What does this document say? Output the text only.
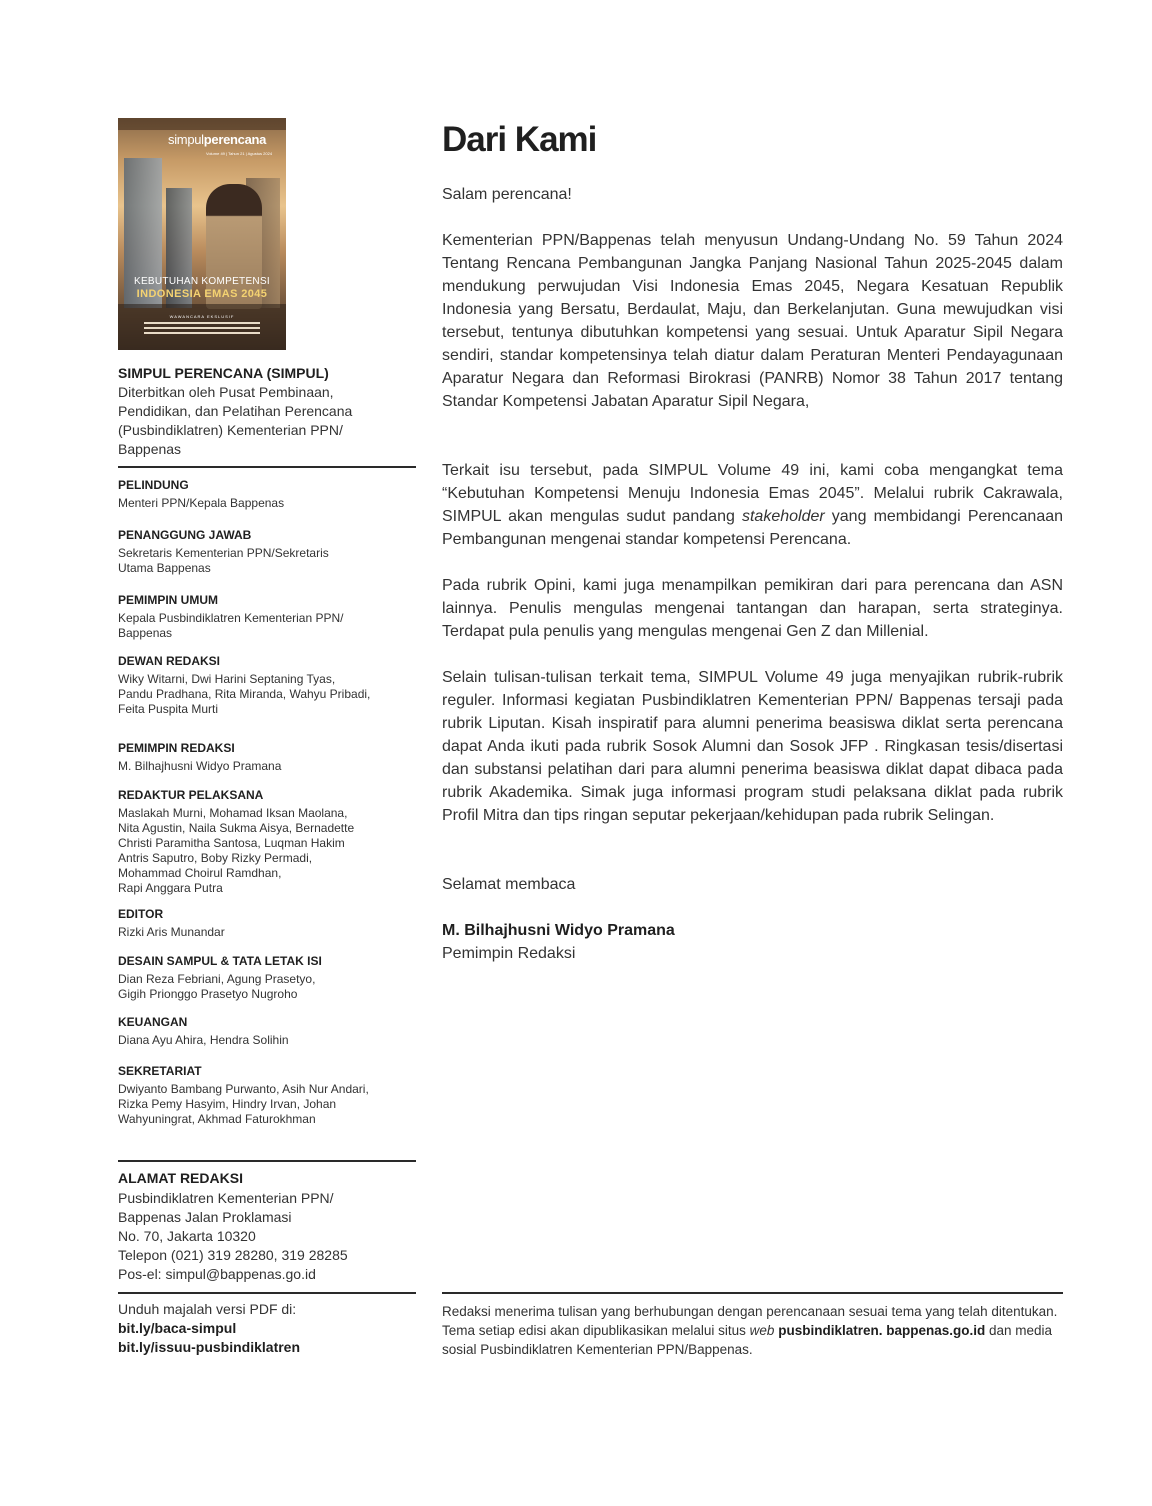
simpulperencana
Volume 49 | Tahun 21 | Agustus 2024
KEBUTUHAN KOMPETENSI
INDONESIA EMAS 2045
WAWANCARA EKSLUSIF
SIMPUL PERENCANA (SIMPUL)
Diterbitkan oleh Pusat Pembinaan, Pendidikan, dan Pelatihan Perencana (Pusbindiklatren) Kementerian PPN/ Bappenas
PELINDUNG
Menteri PPN/Kepala Bappenas
PENANGGUNG JAWAB
Sekretaris Kementerian PPN/Sekretaris
Utama Bappenas
PEMIMPIN UMUM
Kepala Pusbindiklatren Kementerian PPN/
Bappenas
DEWAN REDAKSI
Wiky Witarni, Dwi Harini Septaning Tyas,
Pandu Pradhana, Rita Miranda, Wahyu Pribadi,
Feita Puspita Murti
PEMIMPIN REDAKSI
M. Bilhajhusni Widyo Pramana
REDAKTUR PELAKSANA
Maslakah Murni, Mohamad Iksan Maolana,
Nita Agustin, Naila Sukma Aisya, Bernadette
Christi Paramitha Santosa, Luqman Hakim
Antris Saputro, Boby Rizky Permadi,
Mohammad Choirul Ramdhan,
Rapi Anggara Putra
EDITOR
Rizki Aris Munandar
DESAIN SAMPUL & TATA LETAK ISI
Dian Reza Febriani, Agung Prasetyo,
Gigih Prionggo Prasetyo Nugroho
KEUANGAN
Diana Ayu Ahira, Hendra Solihin
SEKRETARIAT
Dwiyanto Bambang Purwanto, Asih Nur Andari,
Rizka Pemy Hasyim, Hindry Irvan, Johan
Wahyuningrat, Akhmad Faturokhman
ALAMAT REDAKSI
Pusbindiklatren Kementerian PPN/
Bappenas Jalan Proklamasi
No. 70, Jakarta 10320
Telepon (021) 319 28280, 319 28285
Pos-el: simpul@bappenas.go.id
Unduh majalah versi PDF di:
bit.ly/baca-simpul
bit.ly/issuu-pusbindiklatren
Dari Kami

Salam perencana!

Kementerian PPN/Bappenas telah menyusun Undang-Undang No. 59 Tahun 2024 Tentang Rencana Pembangunan Jangka Panjang Nasional Tahun 2025-2045 dalam mendukung perwujudan Visi Indonesia Emas 2045, Negara Kesatuan Republik Indonesia yang Bersatu, Berdaulat, Maju, dan Berkelanjutan. Guna mewujudkan visi tersebut, tentunya dibutuhkan kompetensi yang sesuai. Untuk Aparatur Sipil Negara sendiri, standar kompetensinya telah diatur dalam Peraturan Menteri Pendayagunaan Aparatur Negara dan Reformasi Birokrasi (PANRB) Nomor 38 Tahun 2017 tentang Standar Kompetensi Jabatan Aparatur Sipil Negara,

Terkait isu tersebut, pada SIMPUL Volume 49 ini, kami coba mengangkat tema “Kebutuhan Kompetensi Menuju Indonesia Emas 2045”. Melalui rubrik Cakrawala, SIMPUL akan mengulas sudut pandang stakeholder yang membidangi Perencanaan Pembangunan mengenai standar kompetensi Perencana.

Pada rubrik Opini, kami juga menampilkan pemikiran dari para perencana dan ASN lainnya. Penulis mengulas mengenai tantangan dan harapan, serta strateginya. Terdapat pula penulis yang mengulas mengenai Gen Z dan Millenial.

Selain tulisan-tulisan terkait tema, SIMPUL Volume 49 juga menyajikan rubrik-rubrik reguler. Informasi kegiatan Pusbindiklatren Kementerian PPN/ Bappenas tersaji pada rubrik Liputan. Kisah inspiratif para alumni penerima beasiswa diklat serta perencana dapat Anda ikuti pada rubrik Sosok Alumni dan Sosok JFP . Ringkasan tesis/disertasi dan substansi pelatihan dari para alumni penerima beasiswa diklat dapat dibaca pada rubrik Akademika. Simak juga informasi program studi pelaksana diklat pada rubrik Profil Mitra dan tips ringan seputar pekerjaan/kehidupan pada rubrik Selingan.

Selamat membaca

M. Bilhajhusni Widyo Pramana
Pemimpin Redaksi

Redaksi menerima tulisan yang berhubungan dengan perencanaan sesuai tema yang telah ditentukan. Tema setiap edisi akan dipublikasikan melalui situs web pusbindiklatren. bappenas.go.id dan media sosial Pusbindiklatren Kementerian PPN/Bappenas.
